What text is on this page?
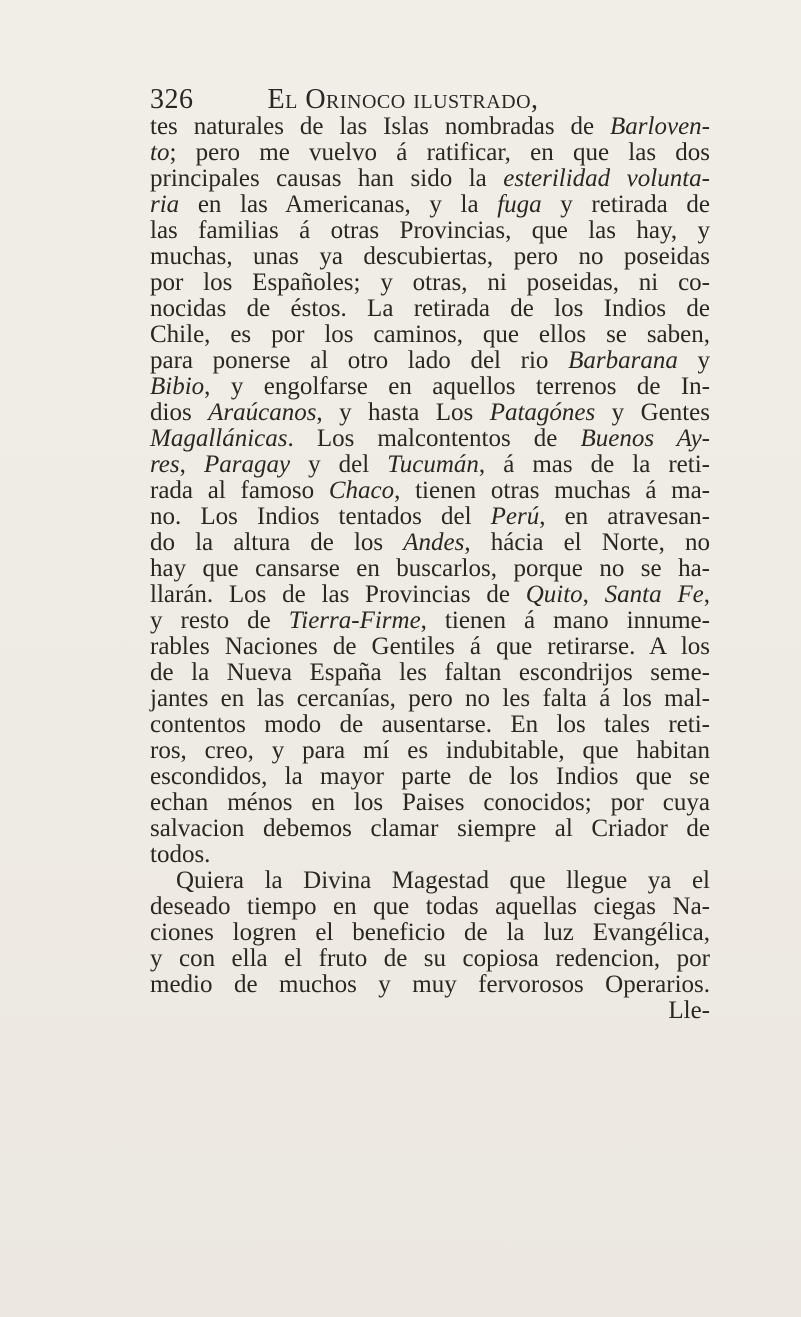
326	El Orinoco ilustrado,
tes naturales de las Islas nombradas de Barloven-
to; pero me vuelvo á ratificar, en que las dos
principales causas han sido la esterilidad volunta-
ria en las Americanas, y la fuga y retirada de
las familias á otras Provincias, que las hay, y
muchas, unas ya descubiertas, pero no poseidas
por los Españoles; y otras, ni poseidas, ni co-
nocidas de éstos. La retirada de los Indios de
Chile, es por los caminos, que ellos se saben,
para ponerse al otro lado del rio Barbarana y
Bibio, y engolfarse en aquellos terrenos de In-
dios Araúcanos, y hasta Los Patagónes y Gentes
Magallánicas. Los malcontentos de Buenos Ay-
res, Paragay y del Tucumán, á mas de la reti-
rada al famoso Chaco, tienen otras muchas á ma-
no. Los Indios tentados del Perú, en atravesan-
do la altura de los Andes, hácia el Norte, no
hay que cansarse en buscarlos, porque no se ha-
llarán. Los de las Provincias de Quito, Santa Fe,
y resto de Tierra-Firme, tienen á mano innume-
rables Naciones de Gentiles á que retirarse. A los
de la Nueva España les faltan escondrijos seme-
jantes en las cercanías, pero no les falta á los mal-
contentos modo de ausentarse. En los tales reti-
ros, creo, y para mí es indubitable, que habitan
escondidos, la mayor parte de los Indios que se
echan ménos en los Paises conocidos; por cuya
salvacion debemos clamar siempre al Criador de
todos.
Quiera la Divina Magestad que llegue ya el
deseado tiempo en que todas aquellas ciegas Na-
ciones logren el beneficio de la luz Evangélica,
y con ella el fruto de su copiosa redencion, por
medio de muchos y muy fervorosos Operarios.
Lle-
